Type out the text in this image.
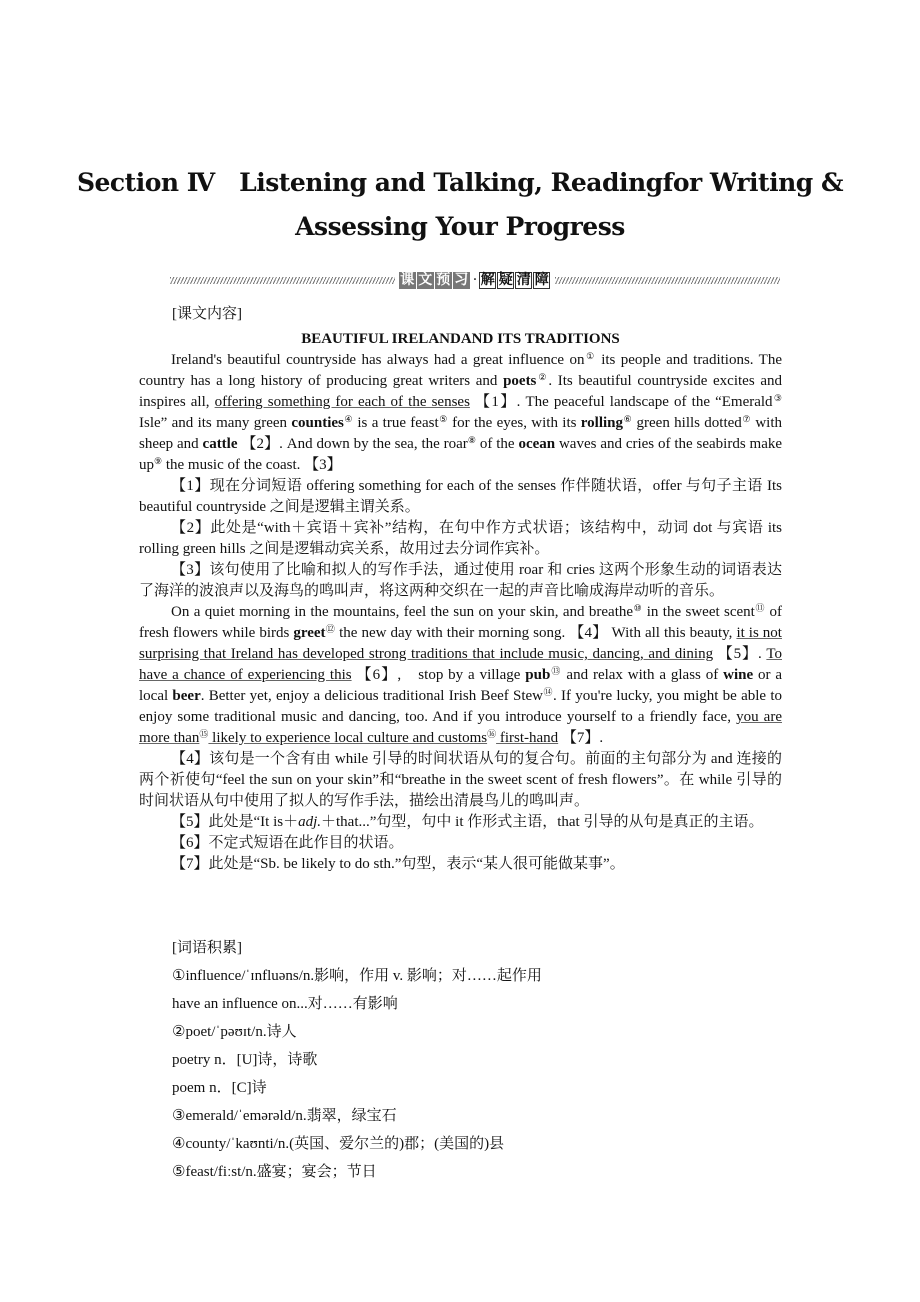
Section Ⅳ　Listening and Talking, Readingfor Writing &
Assessing Your Progress
课 文 预 习 · 解 疑 清 障
[课文内容]
BEAUTIFUL IRELANDAND ITS TRADITIONS

Ireland's beautiful countryside has always had a great influence on① its people and traditions. The country has a long history of producing great writers and poets②. Its beautiful countryside excites and inspires all, offering something for each of the senses 【1】. The peaceful landscape of the “Emerald③ Isle” and its many green counties④ is a true feast⑤ for the eyes, with its rolling⑥ green hills dotted⑦ with sheep and cattle 【2】. And down by the sea, the roar⑧ of the ocean waves and cries of the seabirds make up⑨ the music of the coast. 【3】

【1】现在分词短语 offering something for each of the senses 作伴随状语，offer 与句子主语 Its beautiful countryside 之间是逻辑主谓关系。

【2】此处是“with＋宾语＋宾补”结构，在句中作方式状语；该结构中，动词 dot 与宾语 its rolling green hills 之间是逻辑动宾关系，故用过去分词作宾补。

【3】该句使用了比喻和拟人的写作手法，通过使用 roar 和 cries 这两个形象生动的词语表达了海洋的波浪声以及海鸟的鸣叫声，将这两种交织在一起的声音比喻成海岸动听的音乐。

On a quiet morning in the mountains, feel the sun on your skin, and breathe⑩ in the sweet scent⑪ of fresh flowers while birds greet⑫ the new day with their morning song. 【4】 With all this beauty, it is not surprising that Ireland has developed strong traditions that include music, dancing, and dining 【5】. To have a chance of experiencing this 【6】,　stop by a village pub⑬ and relax with a glass of wine or a local beer. Better yet, enjoy a delicious traditional Irish Beef Stew⑭. If you're lucky, you might be able to enjoy some traditional music and dancing, too. And if you introduce yourself to a friendly face, you are more than⑮ likely to experience local culture and customs⑯ first-hand 【7】.

【4】该句是一个含有由 while 引导的时间状语从句的复合句。前面的主句部分为 and 连接的两个祈使句“feel the sun on your skin”和“breathe in the sweet scent of fresh flowers”。在 while 引导的时间状语从句中使用了拟人的写作手法，描绘出清晨鸟儿的鸣叫声。

【5】此处是“It is＋adj.＋that...”句型，句中 it 作形式主语，that 引导的从句是真正的主语。

【6】不定式短语在此作目的状语。

【7】此处是“Sb. be likely to do sth.”句型，表示“某人很可能做某事”。

[词语积累]
①influence/ˈɪnfluəns/n.影响，作用 v. 影响；对……起作用
have an influence on...对……有影响
②poet/ˈpəʊɪt/n.诗人
poetry n．[U]诗，诗歌
poem n．[C]诗
③emerald/ˈemərəld/n.翡翠，绿宝石
④county/ˈkaʊnti/n.(英国、爱尔兰的)郡；(美国的)县
⑤feast/fiːst/n.盛宴；宴会；节日
